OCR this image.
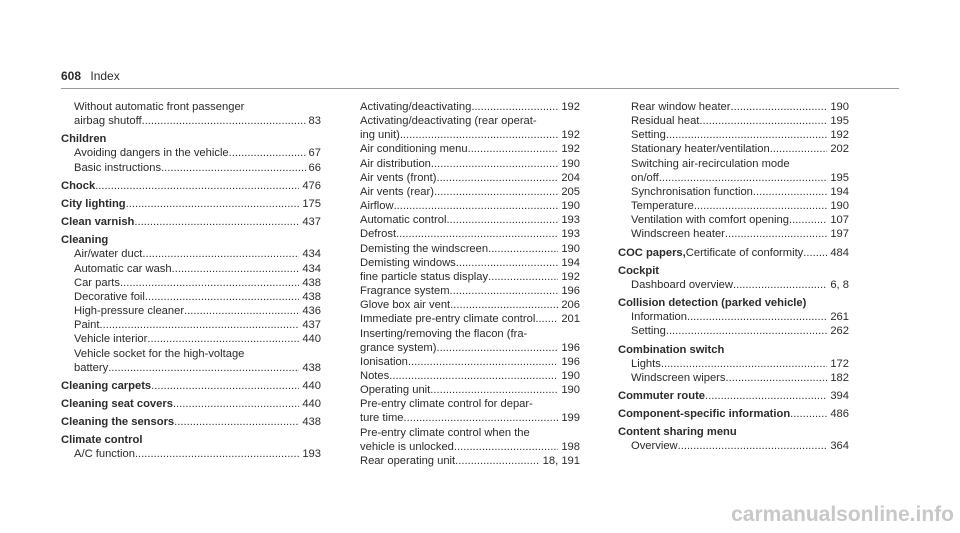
608 Index
Without automatic front passenger
airbag shutoff .....	83
Children
Avoiding dangers in the vehicle .....	67
Basic instructions .....	66
Chock .....	476
City lighting .....	175
Clean varnish .....	437
Cleaning
Air/water duct .....	434
Automatic car wash .....	434
Car parts .....	438
Decorative foil .....	438
High-pressure cleaner .....	436
Paint .....	437
Vehicle interior .....	440
Vehicle socket for the high-voltage
battery .....	438
Cleaning carpets .....	440
Cleaning seat covers .....	440
Cleaning the sensors .....	438
Climate control
A/C function .....	193
Activating/deactivating .....	192
Activating/deactivating (rear operat-
ing unit) .....	192
Air conditioning menu .....	192
Air distribution .....	190
Air vents (front) .....	204
Air vents (rear) .....	205
Airflow .....	190
Automatic control .....	193
Defrost .....	193
Demisting the windscreen .....	190
Demisting windows .....	194
fine particle status display .....	192
Fragrance system .....	196
Glove box air vent .....	206
Immediate pre-entry climate control ..... 201
Inserting/removing the flacon (fra-
grance system) .....	196
Ionisation .....	196
Notes .....	190
Operating unit .....	190
Pre-entry climate control for depar-
ture time .....	199
Pre-entry climate control when the
vehicle is unlocked .....	198
Rear operating unit .....	18, 191
Rear window heater .....	190
Residual heat .....	195
Setting .....	192
Stationary heater/ventilation .....	202
Switching air-recirculation mode
on/off .....	195
Synchronisation function .....	194
Temperature .....	190
Ventilation with comfort opening .....	107
Windscreen heater .....	197
COC papers, Certificate of conformity ..... 484
Cockpit
Dashboard overview .....	6, 8
Collision detection (parked vehicle)
Information .....	261
Setting .....	262
Combination switch
Lights .....	172
Windscreen wipers .....	182
Commuter route .....	394
Component-specific information .....	486
Content sharing menu
Overview .....	364
carmanualsonline.info
